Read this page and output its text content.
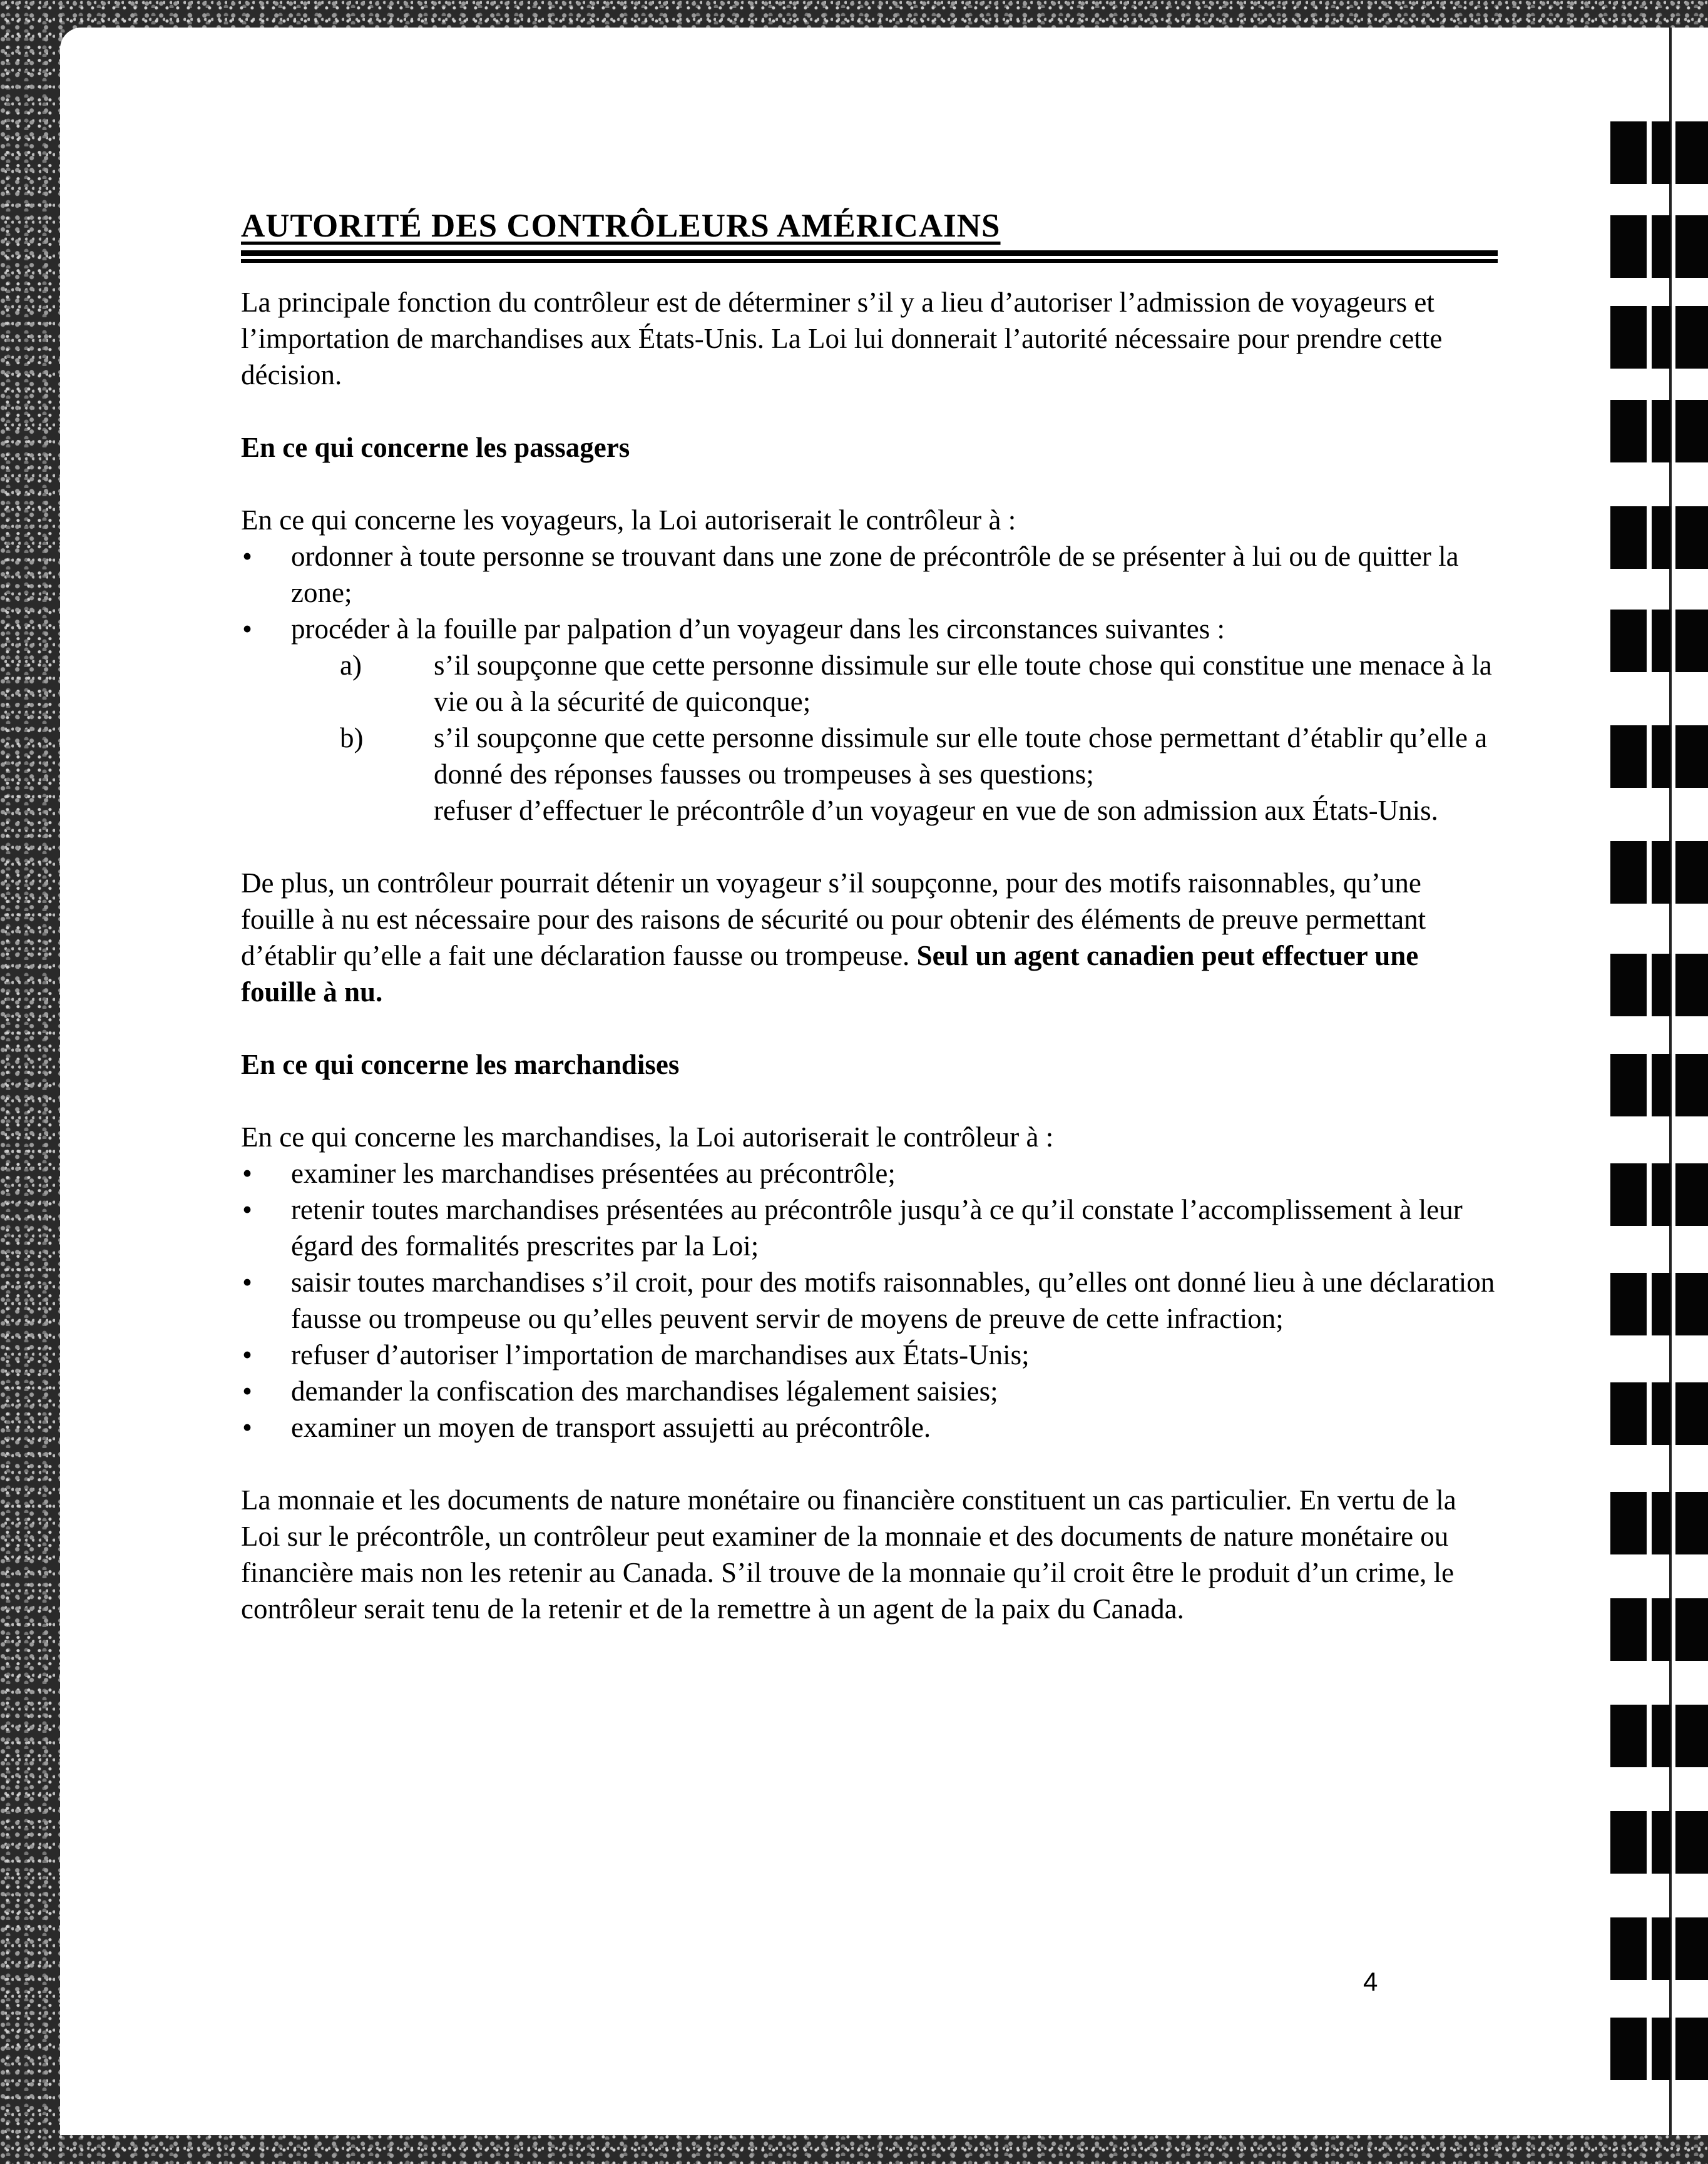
AUTORITÉ DES CONTRÔLEURS AMÉRICAINS

La principale fonction du contrôleur est de déterminer s’il y a lieu d’autoriser l’admission de voyageurs et l’importation de marchandises aux États-Unis. La Loi lui donnerait l’autorité nécessaire pour prendre cette décision.

En ce qui concerne les passagers

En ce qui concerne les voyageurs, la Loi autoriserait le contrôleur à :

• ordonner à toute personne se trouvant dans une zone de précontrôle de se présenter à lui ou de quitter la zone;
• procéder à la fouille par palpation d’un voyageur dans les circonstances suivantes :
a)	s’il soupçonne que cette personne dissimule sur elle toute chose qui constitue une menace à la vie ou à la sécurité de quiconque;
b)	s’il soupçonne que cette personne dissimule sur elle toute chose permettant d’établir qu’elle a donné des réponses fausses ou trompeuses à ses questions;
refuser d’effectuer le précontrôle d’un voyageur en vue de son admission aux États-Unis.

De plus, un contrôleur pourrait détenir un voyageur s’il soupçonne, pour des motifs raisonnables, qu’une fouille à nu est nécessaire pour des raisons de sécurité ou pour obtenir des éléments de preuve permettant d’établir qu’elle a fait une déclaration fausse ou trompeuse. Seul un agent canadien peut effectuer une fouille à nu.

En ce qui concerne les marchandises

En ce qui concerne les marchandises, la Loi autoriserait le contrôleur à :

• examiner les marchandises présentées au précontrôle;
• retenir toutes marchandises présentées au précontrôle jusqu’à ce qu’il constate l’accomplissement à leur égard des formalités prescrites par la Loi;
• saisir toutes marchandises s’il croit, pour des motifs raisonnables, qu’elles ont donné lieu à une déclaration fausse ou trompeuse ou qu’elles peuvent servir de moyens de preuve de cette infraction;
• refuser d’autoriser l’importation de marchandises aux États-Unis;
• demander la confiscation des marchandises légalement saisies;
• examiner un moyen de transport assujetti au précontrôle.

La monnaie et les documents de nature monétaire ou financière constituent un cas particulier. En vertu de la Loi sur le précontrôle, un contrôleur peut examiner de la monnaie et des documents de nature monétaire ou financière mais non les retenir au Canada. S’il trouve de la monnaie qu’il croit être le produit d’un crime, le contrôleur serait tenu de la retenir et de la remettre à un agent de la paix du Canada.

4
